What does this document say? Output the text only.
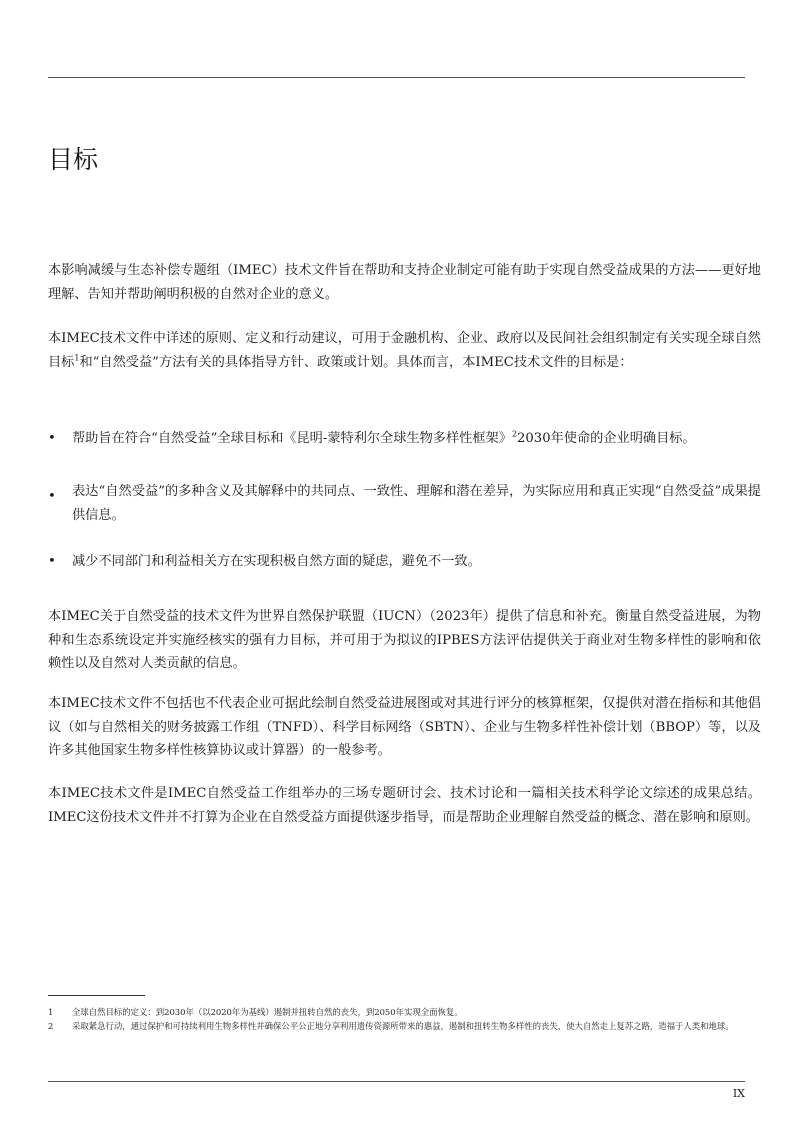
目标

本影响减缓与生态补偿专题组（IMEC）技术文件旨在帮助和支持企业制定可能有助于实现自然受益成果的方法——更好地理解、告知并帮助阐明积极的自然对企业的意义。

本IMEC技术文件中详述的原则、定义和行动建议，可用于金融机构、企业、政府以及民间社会组织制定有关实现全球自然目标$^1$和“自然受益”方法有关的具体指导方针、政策或计划。具体而言，本IMEC技术文件的目标是：

• 帮助旨在符合“自然受益”全球目标和《昆明-蒙特利尔全球生物多样性框架》$^2$2030年使命的企业明确目标。
• 表达“自然受益”的多种含义及其解释中的共同点、一致性、理解和潜在差异，为实际应用和真正实现“自然受益”成果提供信息。
• 减少不同部门和利益相关方在实现积极自然方面的疑虑，避免不一致。

本IMEC关于自然受益的技术文件为世界自然保护联盟（IUCN）（2023年）提供了信息和补充。衡量自然受益进展，为物种和生态系统设定并实施经核实的强有力目标，并可用于为拟议的IPBES方法评估提供关于商业对生物多样性的影响和依赖性以及自然对人类贡献的信息。

本IMEC技术文件不包括也不代表企业可据此绘制自然受益进展图或对其进行评分的核算框架，仅提供对潜在指标和其他倡议（如与自然相关的财务披露工作组（TNFD）、科学目标网络（SBTN）、企业与生物多样性补偿计划（BBOP）等，以及许多其他国家生物多样性核算协议或计算器）的一般参考。

本IMEC技术文件是IMEC自然受益工作组举办的三场专题研讨会、技术讨论和一篇相关技术科学论文综述的成果总结。IMEC这份技术文件并不打算为企业在自然受益方面提供逐步指导，而是帮助企业理解自然受益的概念、潜在影响和原则。

1 全球自然目标的定义：到2030年（以2020年为基线）遏制并扭转自然的丧失，到2050年实现全面恢复。
2 采取紧急行动，通过保护和可持续利用生物多样性并确保公平公正地分享利用遗传资源所带来的惠益，遏制和扭转生物多样性的丧失，使大自然走上复苏之路，造福于人类和地球。
IX
